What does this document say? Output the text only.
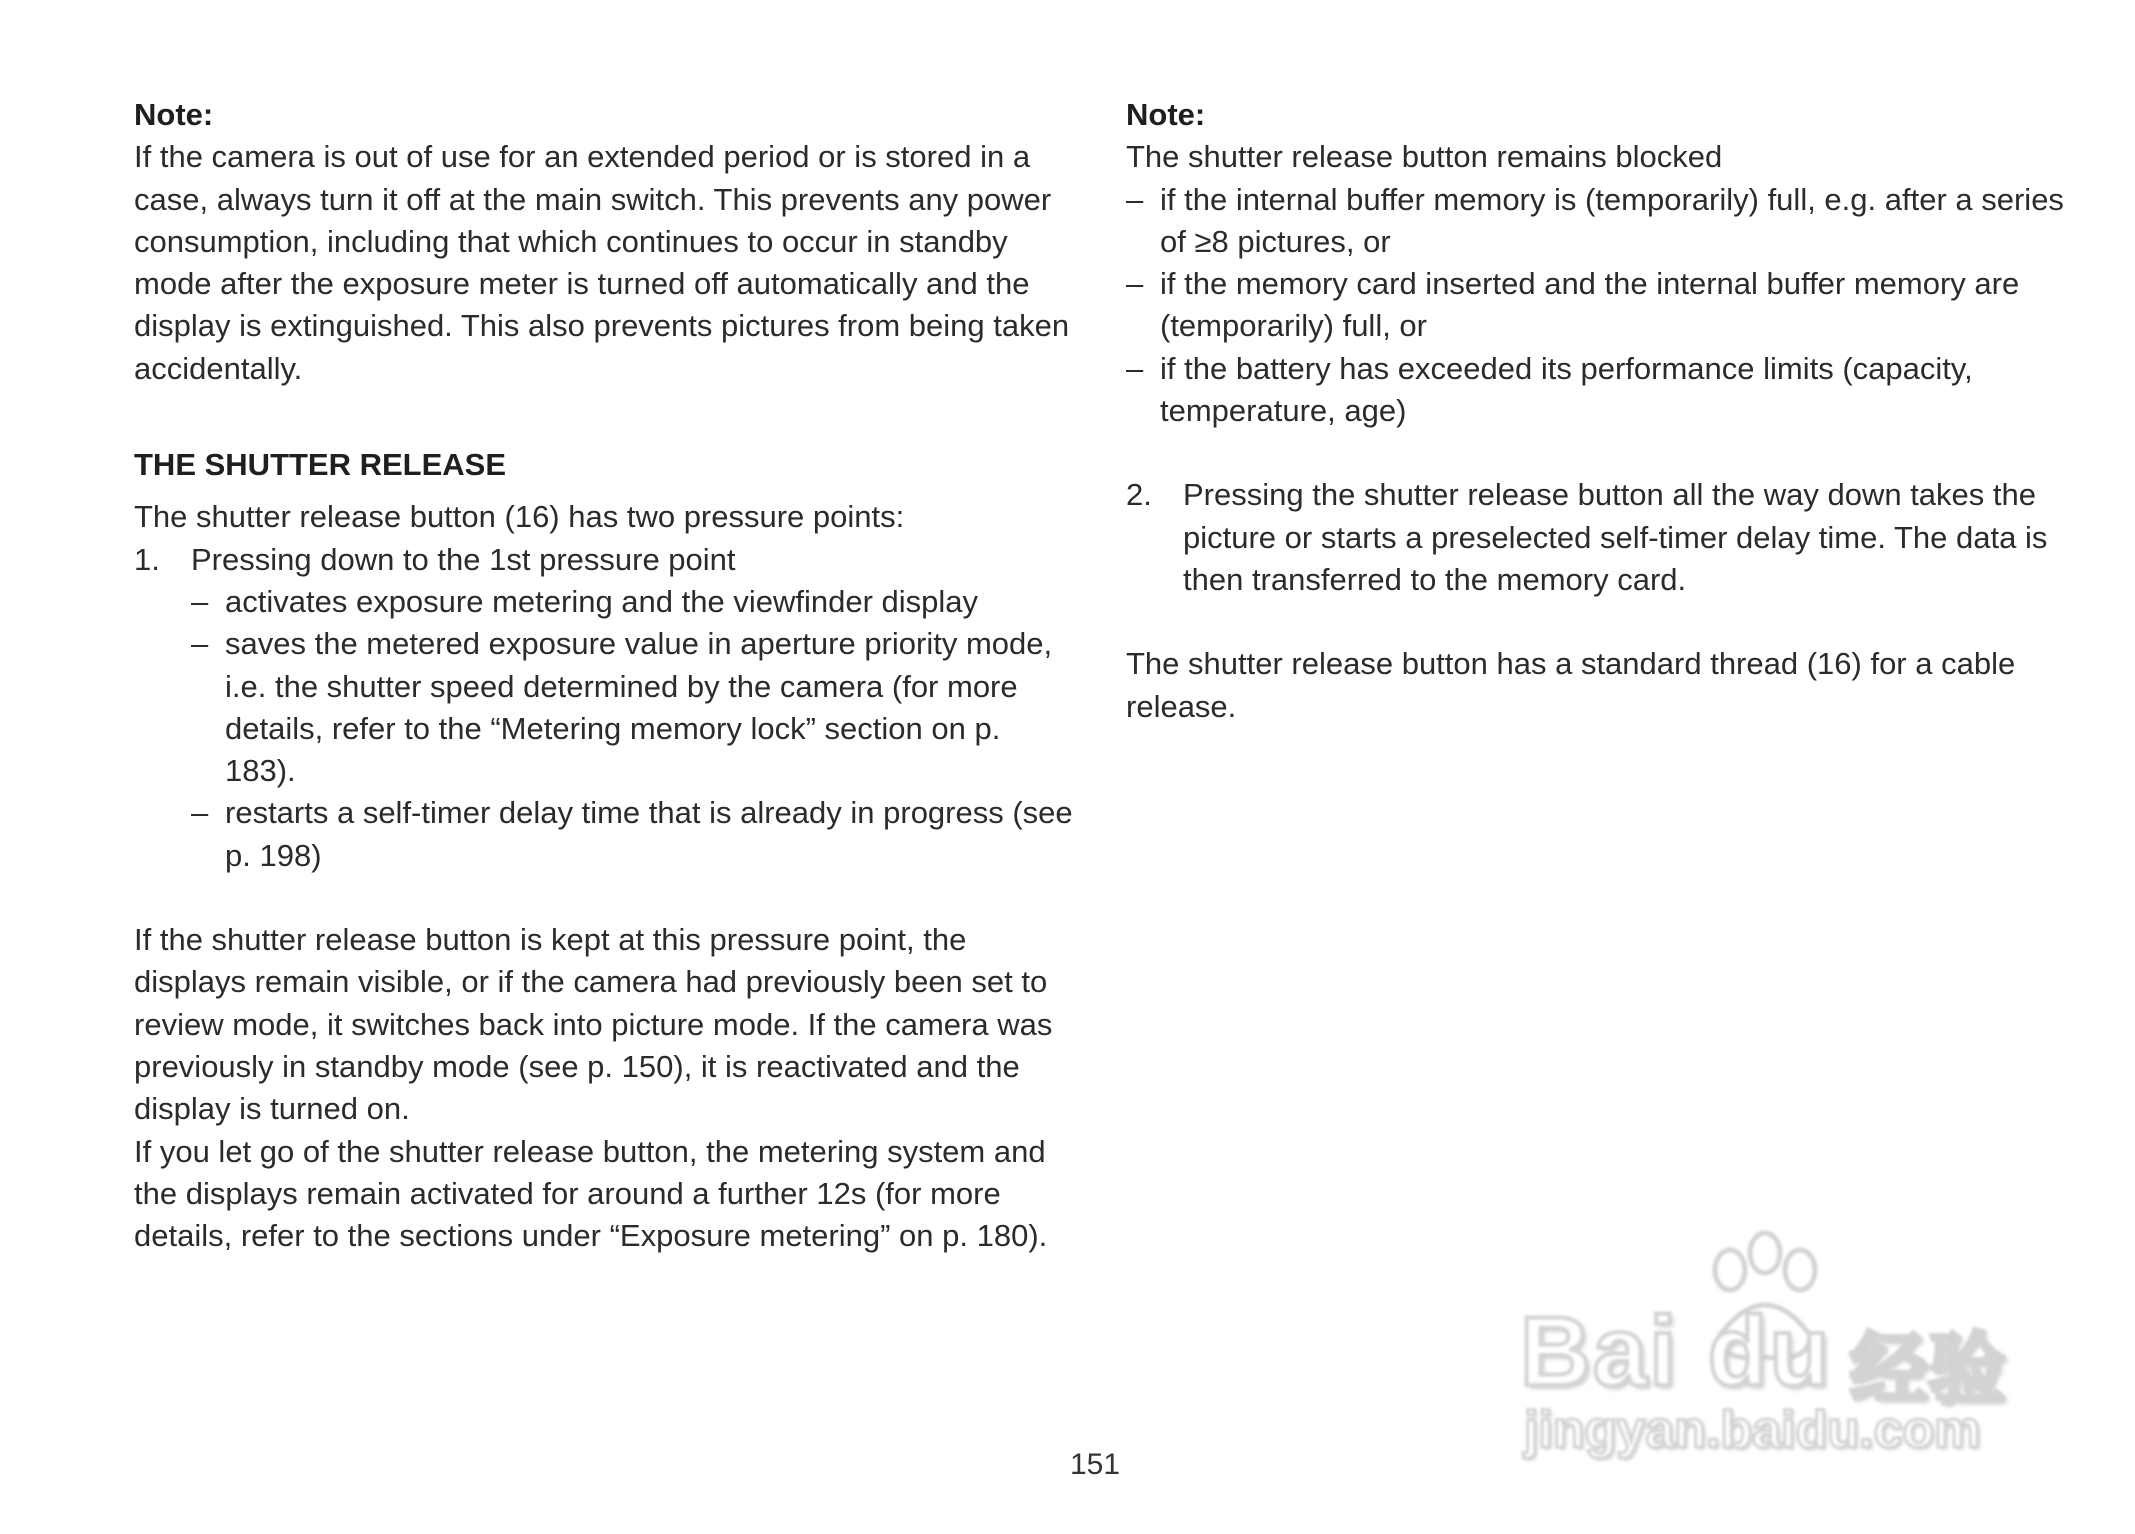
Note:

If the camera is out of use for an extended period or is stored in a case, always turn it off at the main switch. This prevents any power consumption, including that which continues to occur in standby mode after the exposure meter is turned off automatically and the display is extinguished. This also prevents pictures from being taken accidentally.

THE SHUTTER RELEASE

The shutter release button (16) has two pressure points:

1. Pressing down to the 1st pressure point
– activates exposure metering and the viewfinder display
– saves the metered exposure value in aperture priority mode, i.e. the shutter speed determined by the camera (for more details, refer to the “Metering memory lock” section on p. 183).
– restarts a self-timer delay time that is already in progress (see p. 198)

If the shutter release button is kept at this pressure point, the displays remain visible, or if the camera had previously been set to review mode, it switches back into picture mode. If the camera was previously in standby mode (see p. 150), it is reactivated and the display is turned on.

If you let go of the shutter release button, the metering system and the displays remain activated for around a further 12s (for more details, refer to the sections under “Exposure metering” on p. 180).

Note:

The shutter release button remains blocked

– if the internal buffer memory is (temporarily) full, e.g. after a series of ≥8 pictures, or
– if the memory card inserted and the internal buffer memory are (temporarily) full, or
– if the battery has exceeded its performance limits (capacity, temperature, age)
2. Pressing the shutter release button all the way down takes the picture or starts a preselected self-timer delay time. The data is then transferred to the memory card.

The shutter release button has a standard thread (16) for a cable release.

151
Bai du 经验
jingyan.baidu.com
